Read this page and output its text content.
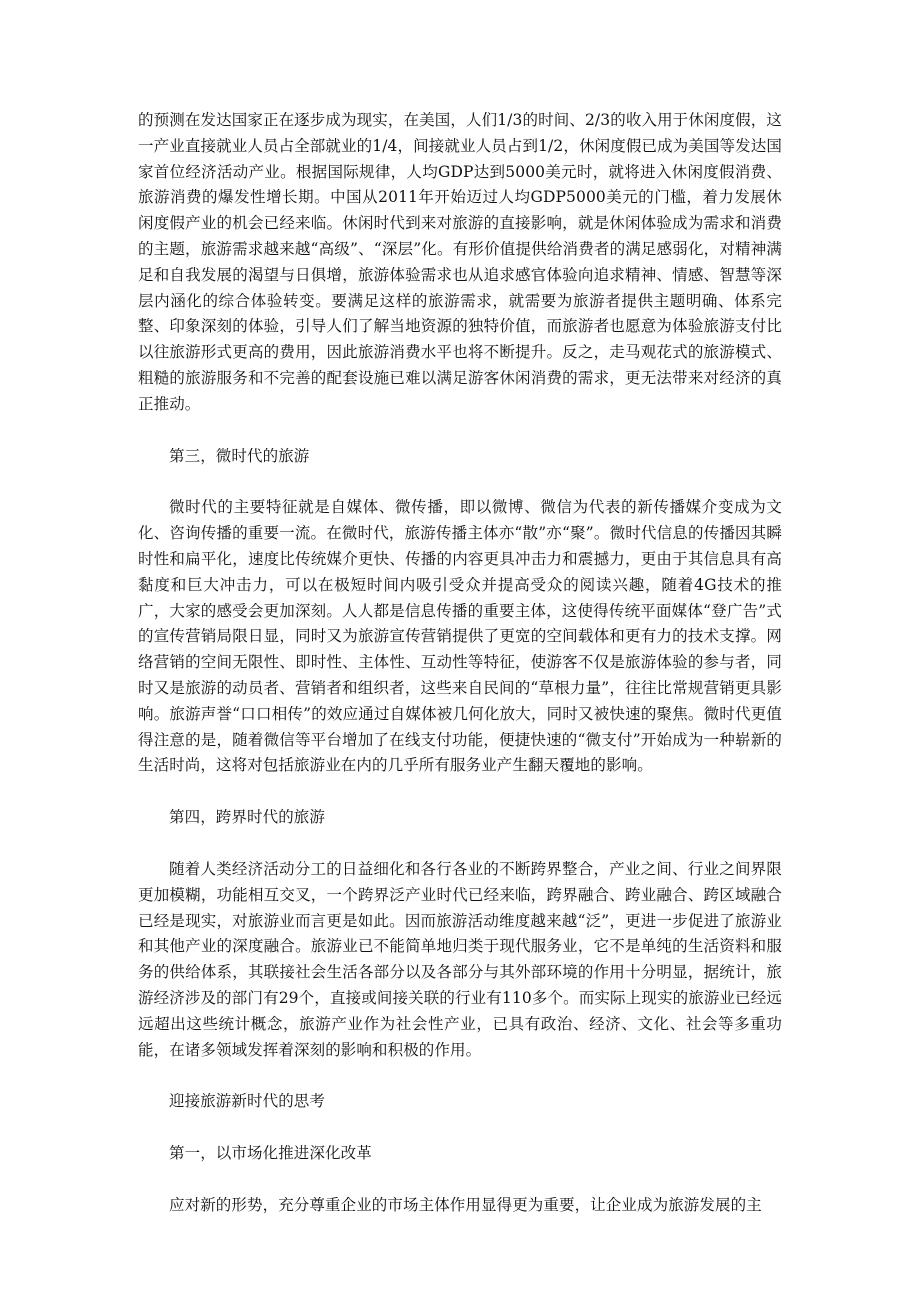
的预测在发达国家正在逐步成为现实，在美国，人们1/3的时间、2/3的收入用于休闲度假，这一产业直接就业人员占全部就业的1/4，间接就业人员占到1/2，休闲度假已成为美国等发达国家首位经济活动产业。根据国际规律，人均GDP达到5000美元时，就将进入休闲度假消费、旅游消费的爆发性增长期。中国从2011年开始迈过人均GDP5000美元的门槛，着力发展休闲度假产业的机会已经来临。休闲时代到来对旅游的直接影响，就是休闲体验成为需求和消费的主题，旅游需求越来越“高级”、“深层”化。有形价值提供给消费者的满足感弱化，对精神满足和自我发展的渴望与日俱增，旅游体验需求也从追求感官体验向追求精神、情感、智慧等深层内涵化的综合体验转变。要满足这样的旅游需求，就需要为旅游者提供主题明确、体系完整、印象深刻的体验，引导人们了解当地资源的独特价值，而旅游者也愿意为体验旅游支付比以往旅游形式更高的费用，因此旅游消费水平也将不断提升。反之，走马观花式的旅游模式、粗糙的旅游服务和不完善的配套设施已难以满足游客休闲消费的需求，更无法带来对经济的真正推动。

第三，微时代的旅游

微时代的主要特征就是自媒体、微传播，即以微博、微信为代表的新传播媒介变成为文化、咨询传播的重要一流。在微时代，旅游传播主体亦“散”亦“聚”。微时代信息的传播因其瞬时性和扁平化，速度比传统媒介更快、传播的内容更具冲击力和震撼力，更由于其信息具有高黏度和巨大冲击力，可以在极短时间内吸引受众并提高受众的阅读兴趣，随着4G技术的推广，大家的感受会更加深刻。人人都是信息传播的重要主体，这使得传统平面媒体“登广告”式的宣传营销局限日显，同时又为旅游宣传营销提供了更宽的空间载体和更有力的技术支撑。网络营销的空间无限性、即时性、主体性、互动性等特征，使游客不仅是旅游体验的参与者，同时又是旅游的动员者、营销者和组织者，这些来自民间的“草根力量”，往往比常规营销更具影响。旅游声誉“口口相传”的效应通过自媒体被几何化放大，同时又被快速的聚焦。微时代更值得注意的是，随着微信等平台增加了在线支付功能，便捷快速的“微支付”开始成为一种崭新的生活时尚，这将对包括旅游业在内的几乎所有服务业产生翻天覆地的影响。

第四，跨界时代的旅游

随着人类经济活动分工的日益细化和各行各业的不断跨界整合，产业之间、行业之间界限更加模糊，功能相互交叉，一个跨界泛产业时代已经来临，跨界融合、跨业融合、跨区域融合已经是现实，对旅游业而言更是如此。因而旅游活动维度越来越“泛”，更进一步促进了旅游业和其他产业的深度融合。旅游业已不能简单地归类于现代服务业，它不是单纯的生活资料和服务的供给体系，其联接社会生活各部分以及各部分与其外部环境的作用十分明显，据统计，旅游经济涉及的部门有29个，直接或间接关联的行业有110多个。而实际上现实的旅游业已经远远超出这些统计概念，旅游产业作为社会性产业，已具有政治、经济、文化、社会等多重功能，在诸多领域发挥着深刻的影响和积极的作用。

迎接旅游新时代的思考

第一，以市场化推进深化改革

应对新的形势，充分尊重企业的市场主体作用显得更为重要，让企业成为旅游发展的主
